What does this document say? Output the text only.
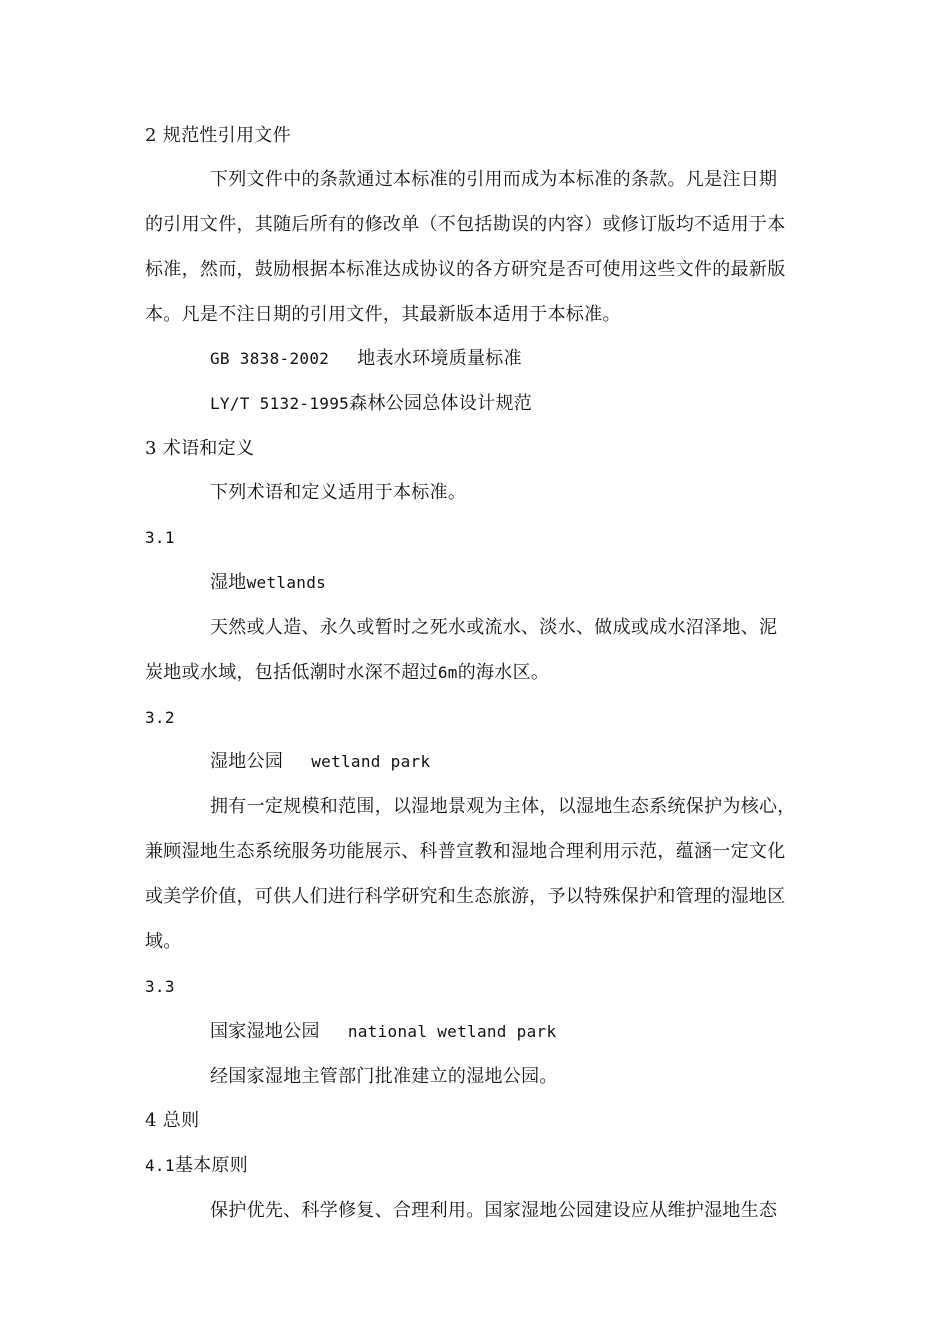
2 规范性引用文件
下列文件中的条款通过本标准的引用而成为本标准的条款。凡是注日期
的引用文件，其随后所有的修改单（不包括勘误的内容）或修订版均不适用于本
标准，然而，鼓励根据本标准达成协议的各方研究是否可使用这些文件的最新版
本。凡是不注日期的引用文件，其最新版本适用于本标准。
GB 3838-2002 地表水环境质量标准
LY/T 5132-1995森林公园总体设计规范
3 术语和定义
下列术语和定义适用于本标准。
3.1
湿地wetlands
天然或人造、永久或暂时之死水或流水、淡水、做成或成水沼泽地、泥
炭地或水域，包括低潮时水深不超过6m的海水区。
3.2
湿地公园 wetland park
拥有一定规模和范围，以湿地景观为主体，以湿地生态系统保护为核心，
兼顾湿地生态系统服务功能展示、科普宣教和湿地合理利用示范，蕴涵一定文化
或美学价值，可供人们进行科学研究和生态旅游，予以特殊保护和管理的湿地区
域。
3.3
国家湿地公园 national wetland park
经国家湿地主管部门批准建立的湿地公园。
4 总则
4.1基本原则
保护优先、科学修复、合理利用。国家湿地公园建设应从维护湿地生态
